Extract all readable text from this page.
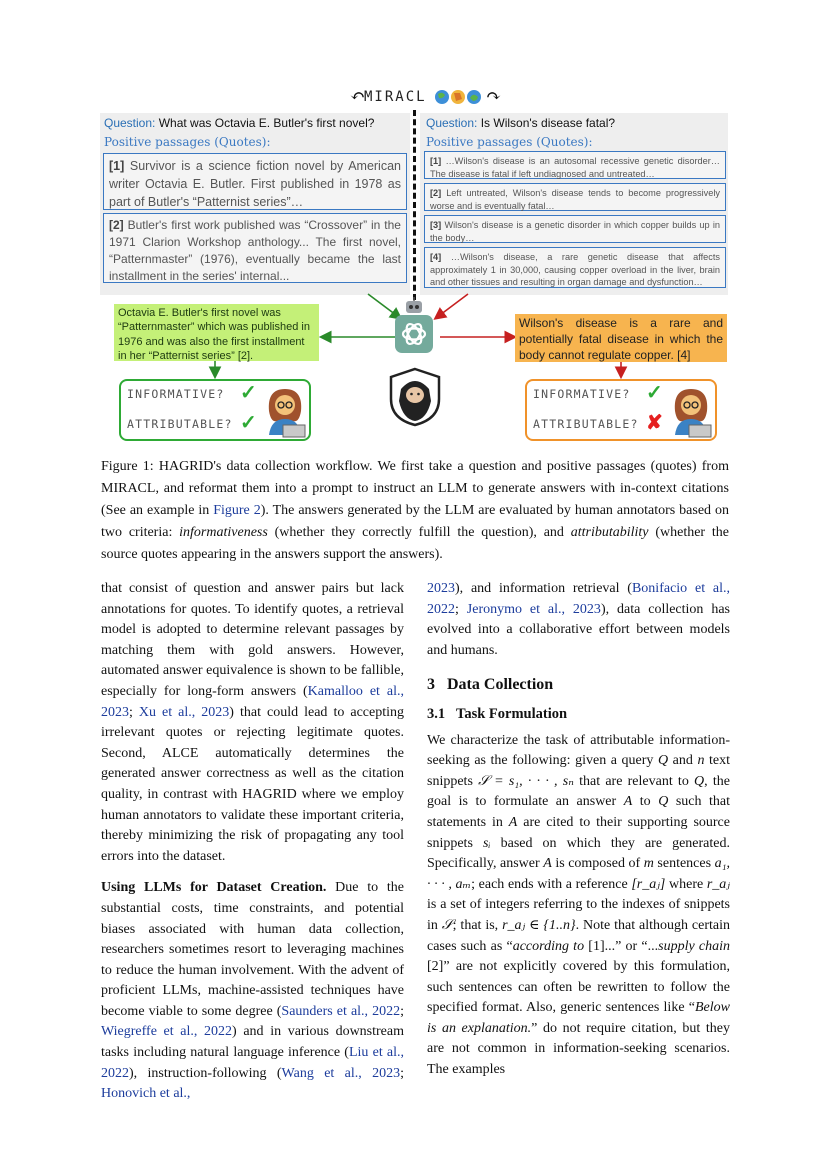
↶
MIRACL	↷
Question: What was Octavia E. Butler's first novel?
Positive passages (Quotes):
[1] Survivor is a science fiction novel by American writer Octavia E. Butler. First published in 1978 as part of Butler's “Patternist series”…
[2] Butler's first work published was “Crossover” in the 1971 Clarion Workshop anthology... The first novel, “Patternmaster” (1976), eventually became the last installment in the series' internal...
Question: Is Wilson's disease fatal?
Positive passages (Quotes):
[1] …Wilson's disease is an autosomal recessive genetic disorder… The disease is fatal if left undiagnosed and untreated…
[2] Left untreated, Wilson's disease tends to become progressively worse and is eventually fatal…
[3] Wilson's disease is a genetic disorder in which copper builds up in the body…
[4] …Wilson's disease, a rare genetic disease that affects approximately 1 in 30,000, causing copper overload in the liver, brain and other tissues and resulting in organ damage and dysfunction…
Octavia E. Butler's first novel was “Patternmaster” which was published in 1976 and was also the first installment in her “Patternist series” [2].
Wilson's disease is a rare and potentially fatal disease in which the body cannot regulate copper. [4]
INFORMATIVE? ✓
ATTRIBUTABLE? ✓
INFORMATIVE? ✓
ATTRIBUTABLE? ✘
Figure 1: HAGRID's data collection workflow. We first take a question and positive passages (quotes) from MIRACL, and reformat them into a prompt to instruct an LLM to generate answers with in-context citations (See an example in Figure 2). The answers generated by the LLM are evaluated by human annotators based on two criteria: informativeness (whether they correctly fulfill the question), and attributability (whether the source quotes appearing in the answers support the answers).

that consist of question and answer pairs but lack annotations for quotes. To identify quotes, a retrieval model is adopted to determine relevant passages by matching them with gold answers. However, automated answer equivalence is shown to be fallible, especially for long-form answers (Kamalloo et al., 2023; Xu et al., 2023) that could lead to accepting irrelevant quotes or rejecting legitimate quotes. Second, ALCE automatically determines the generated answer correctness as well as the citation quality, in contrast with HAGRID where we employ human annotators to validate these important criteria, thereby minimizing the risk of propagating any tool errors into the dataset.

Using LLMs for Dataset Creation. Due to the substantial costs, time constraints, and potential biases associated with human data collection, researchers sometimes resort to leveraging machines to reduce the human involvement. With the advent of proficient LLMs, machine-assisted techniques have become viable to some degree (Saunders et al., 2022; Wiegreffe et al., 2022) and in various downstream tasks including natural language inference (Liu et al., 2022), instruction-following (Wang et al., 2023; Honovich et al.,

2023), and information retrieval (Bonifacio et al., 2022; Jeronymo et al., 2023), data collection has evolved into a collaborative effort between models and humans.

3 Data Collection
3.1 Task Formulation

We characterize the task of attributable information-seeking as the following: given a query Q and n text snippets 𝒮 = s₁, · · · , sₙ that are relevant to Q, the goal is to formulate an answer A to Q such that statements in A are cited to their supporting source snippets sᵢ based on which they are generated. Specifically, answer A is composed of m sentences a₁, · · · , aₘ; each ends with a reference [r_aⱼ] where r_aⱼ is a set of integers referring to the indexes of snippets in 𝒮; that is, r_aⱼ ∈ {1..n}. Note that although certain cases such as “according to [1]...” or “...supply chain [2]” are not explicitly covered by this formulation, such sentences can often be rewritten to follow the specified format. Also, generic sentences like “Below is an explanation.” do not require citation, but they are not common in information-seeking scenarios. The examples
